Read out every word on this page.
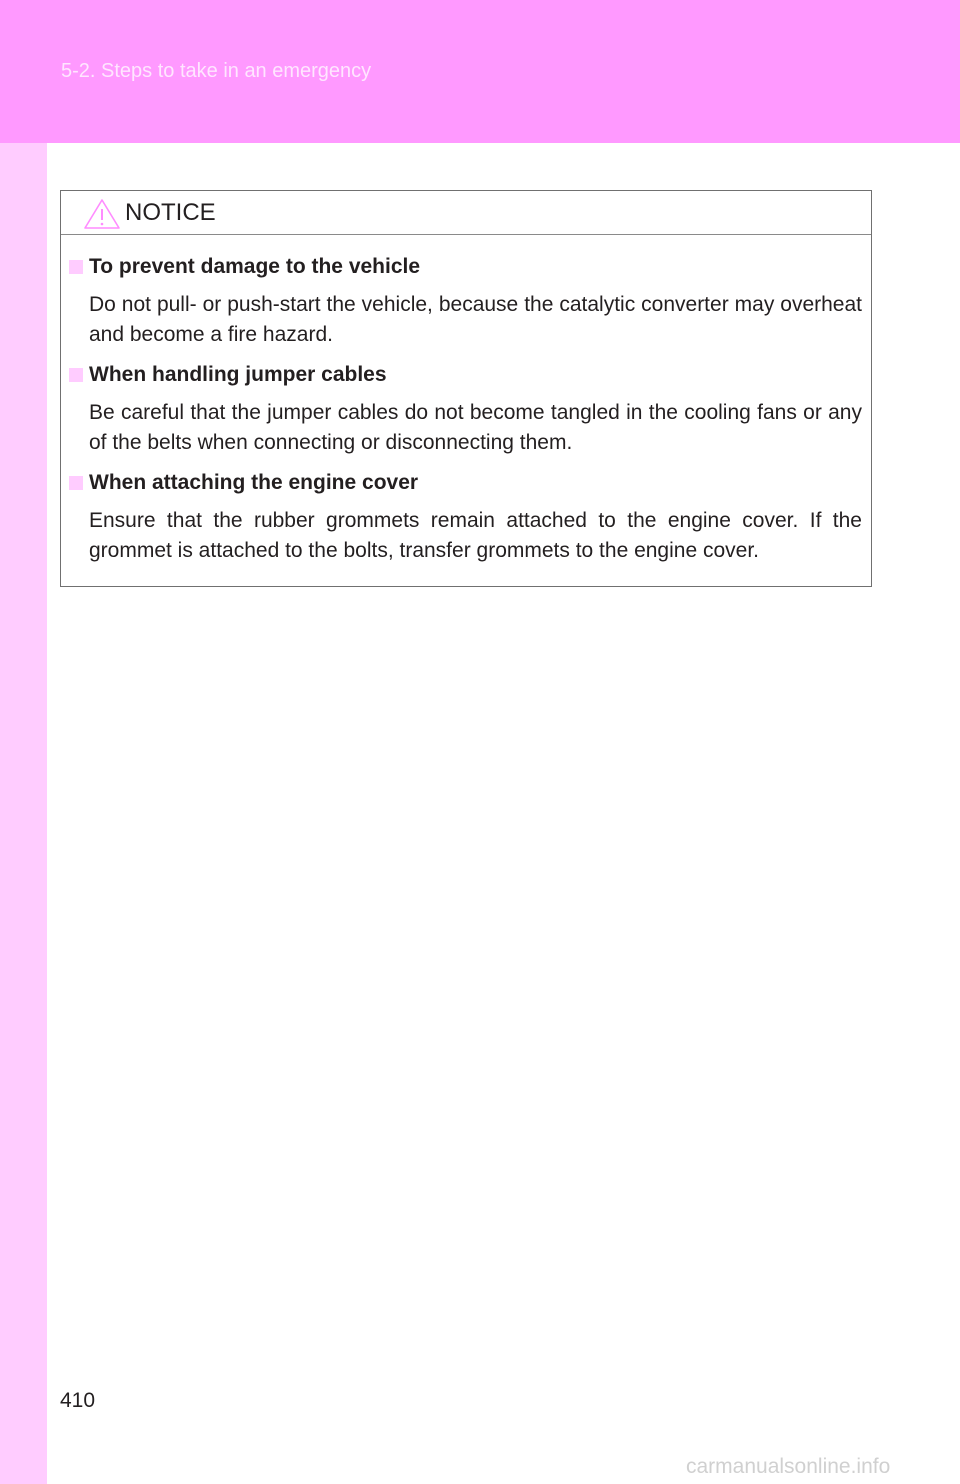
5-2. Steps to take in an emergency
NOTICE
To prevent damage to the vehicle
Do not pull- or push-start the vehicle, because the catalytic converter may overheat and become a fire hazard.
When handling jumper cables
Be careful that the jumper cables do not become tangled in the cooling fans or any of the belts when connecting or disconnecting them.
When attaching the engine cover
Ensure that the rubber grommets remain attached to the engine cover. If the grommet is attached to the bolts, transfer grommets to the engine cover.
410
carmanualsonline.info
